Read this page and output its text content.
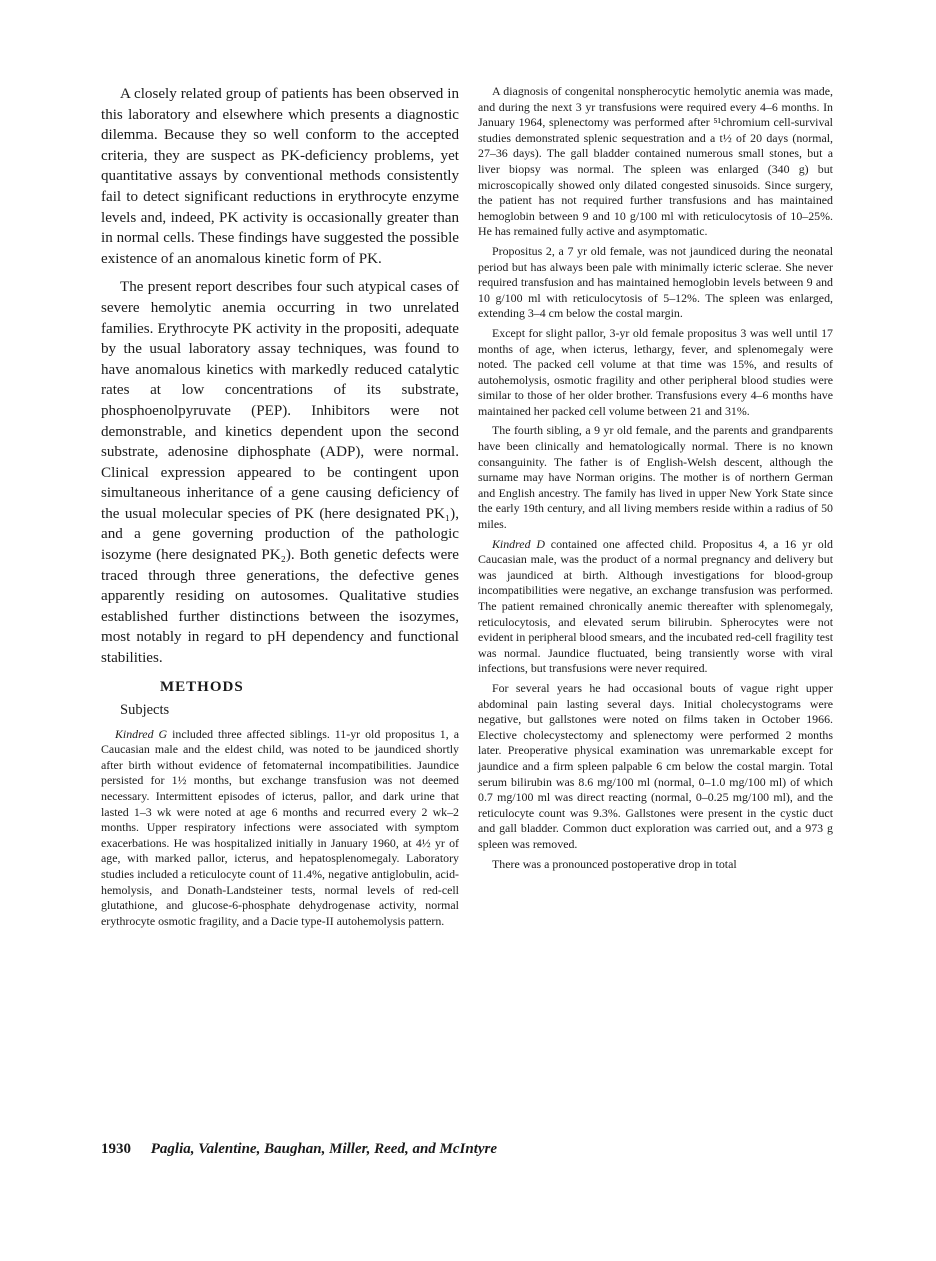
A closely related group of patients has been observed in this laboratory and elsewhere which presents a diagnostic dilemma. Because they so well conform to the accepted criteria, they are suspect as PK-deficiency problems, yet quantitative assays by conventional methods consistently fail to detect significant reductions in erythrocyte enzyme levels and, indeed, PK activity is occasionally greater than in normal cells. These findings have suggested the possible existence of an anomalous kinetic form of PK.

The present report describes four such atypical cases of severe hemolytic anemia occurring in two unrelated families. Erythrocyte PK activity in the propositi, adequate by the usual laboratory assay techniques, was found to have anomalous kinetics with markedly reduced catalytic rates at low concentrations of its substrate, phosphoenolpyruvate (PEP). Inhibitors were not demonstrable, and kinetics dependent upon the second substrate, adenosine diphosphate (ADP), were normal. Clinical expression appeared to be contingent upon simultaneous inheritance of a gene causing deficiency of the usual molecular species of PK (here designated PK₁), and a gene governing production of the pathologic isozyme (here designated PK₂). Both genetic defects were traced through three generations, the defective genes apparently residing on autosomes. Qualitative studies established further distinctions between the isozymes, most notably in regard to pH dependency and functional stabilities.

METHODS
Subjects

Kindred G included three affected siblings. 11-yr old propositus 1, a Caucasian male and the eldest child, was noted to be jaundiced shortly after birth without evidence of fetomaternal incompatibilities. Jaundice persisted for 1½ months, but exchange transfusion was not deemed necessary. Intermittent episodes of icterus, pallor, and dark urine that lasted 1–3 wk were noted at age 6 months and recurred every 2 wk–2 months. Upper respiratory infections were associated with symptom exacerbations. He was hospitalized initially in January 1960, at 4½ yr of age, with marked pallor, icterus, and hepatosplenomegaly. Laboratory studies included a reticulocyte count of 11.4%, negative antiglobulin, acid-hemolysis, and Donath-Landsteiner tests, normal levels of red-cell glutathione, and glucose-6-phosphate dehydrogenase activity, normal erythrocyte osmotic fragility, and a Dacie type-II autohemolysis pattern.

A diagnosis of congenital nonspherocytic hemolytic anemia was made, and during the next 3 yr transfusions were required every 4–6 months. In January 1964, splenectomy was performed after ⁵¹chromium cell-survival studies demonstrated splenic sequestration and a t½ of 20 days (normal, 27–36 days). The gall bladder contained numerous small stones, but a liver biopsy was normal. The spleen was enlarged (340 g) but microscopically showed only dilated congested sinusoids. Since surgery, the patient has not required further transfusions and has maintained hemoglobin between 9 and 10 g/100 ml with reticulocytosis of 10–25%. He has remained fully active and asymptomatic.

Propositus 2, a 7 yr old female, was not jaundiced during the neonatal period but has always been pale with minimally icteric sclerae. She never required transfusion and has maintained hemoglobin levels between 9 and 10 g/100 ml with reticulocytosis of 5–12%. The spleen was enlarged, extending 3–4 cm below the costal margin.

Except for slight pallor, 3-yr old female propositus 3 was well until 17 months of age, when icterus, lethargy, fever, and splenomegaly were noted. The packed cell volume at that time was 15%, and results of autohemolysis, osmotic fragility and other peripheral blood studies were similar to those of her older brother. Transfusions every 4–6 months have maintained her packed cell volume between 21 and 31%.

The fourth sibling, a 9 yr old female, and the parents and grandparents have been clinically and hematologically normal. There is no known consanguinity. The father is of English-Welsh descent, although the surname may have Norman origins. The mother is of northern German and English ancestry. The family has lived in upper New York State since the early 19th century, and all living members reside within a radius of 50 miles.

Kindred D contained one affected child. Propositus 4, a 16 yr old Caucasian male, was the product of a normal pregnancy and delivery but was jaundiced at birth. Although investigations for blood-group incompatibilities were negative, an exchange transfusion was performed. The patient remained chronically anemic thereafter with splenomegaly, reticulocytosis, and elevated serum bilirubin. Spherocytes were not evident in peripheral blood smears, and the incubated red-cell fragility test was normal. Jaundice fluctuated, being transiently worse with viral infections, but transfusions were never required.

For several years he had occasional bouts of vague right upper abdominal pain lasting several days. Initial cholecystograms were negative, but gallstones were noted on films taken in October 1966. Elective cholecystectomy and splenectomy were performed 2 months later. Preoperative physical examination was unremarkable except for jaundice and a firm spleen palpable 6 cm below the costal margin. Total serum bilirubin was 8.6 mg/100 ml (normal, 0–1.0 mg/100 ml) of which 0.7 mg/100 ml was direct reacting (normal, 0–0.25 mg/100 ml), and the reticulocyte count was 9.3%. Gallstones were present in the cystic duct and gall bladder. Common duct exploration was carried out, and a 973 g spleen was removed.

There was a pronounced postoperative drop in total

1930 Paglia, Valentine, Baughan, Miller, Reed, and McIntyre
